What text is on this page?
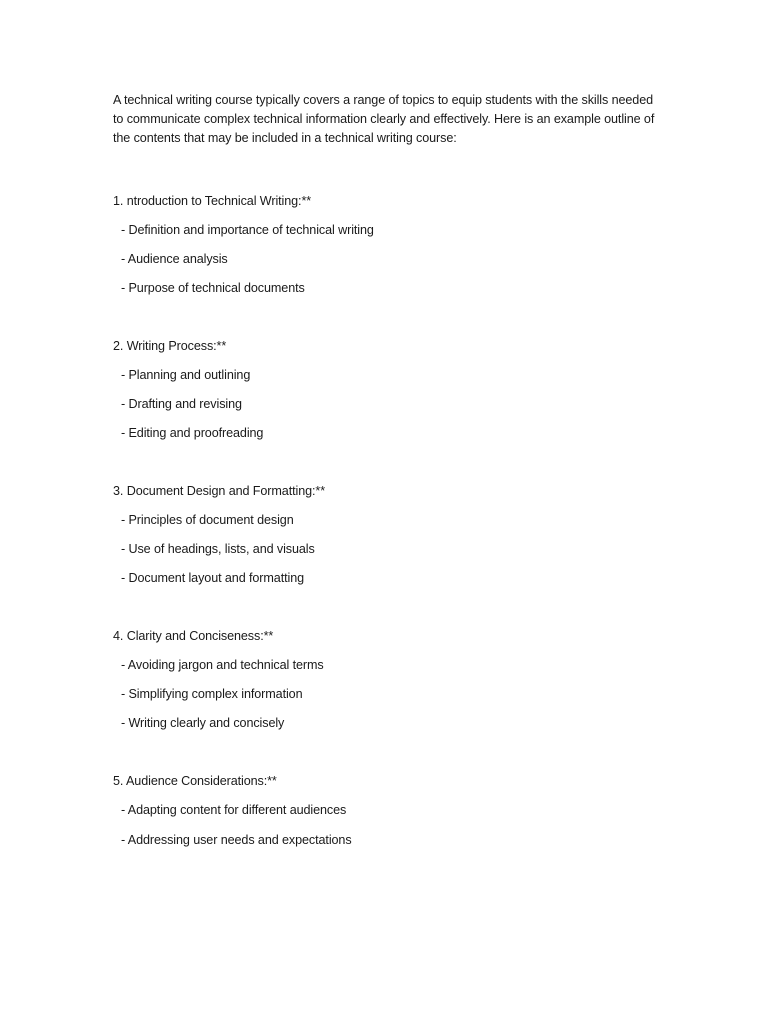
A technical writing course typically covers a range of topics to equip students with the skills needed to communicate complex technical information clearly and effectively. Here is an example outline of the contents that may be included in a technical writing course:

1. ntroduction to Technical Writing:**

- Definition and importance of technical writing
- Audience analysis
- Purpose of technical documents

2. Writing Process:**

- Planning and outlining
- Drafting and revising
- Editing and proofreading

3. Document Design and Formatting:**

- Principles of document design
- Use of headings, lists, and visuals
- Document layout and formatting

4. Clarity and Conciseness:**

- Avoiding jargon and technical terms
- Simplifying complex information
- Writing clearly and concisely

5. Audience Considerations:**

- Adapting content for different audiences
- Addressing user needs and expectations
